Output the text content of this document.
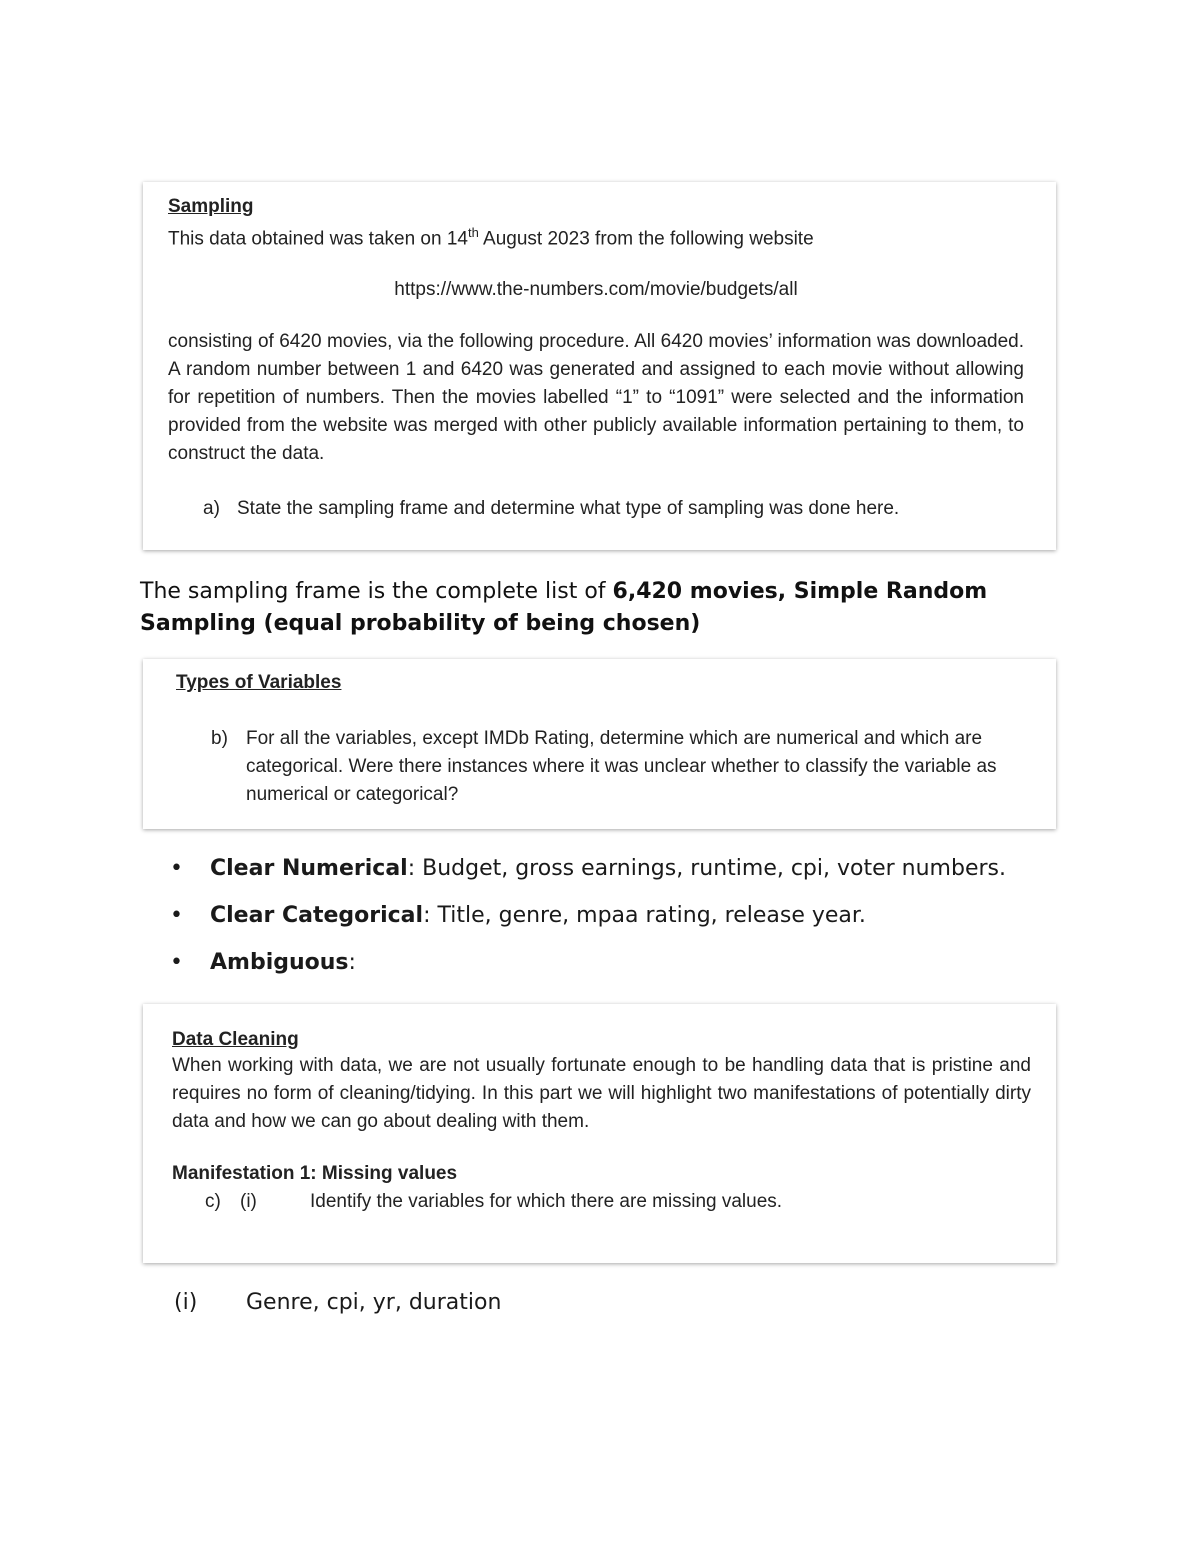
Sampling

This data obtained was taken on 14th August 2023 from the following website

https://www.the-numbers.com/movie/budgets/all

consisting of 6420 movies, via the following procedure. All 6420 movies’ information was downloaded. A random number between 1 and 6420 was generated and assigned to each movie without allowing for repetition of numbers. Then the movies labelled “1” to “1091” were selected and the information provided from the website was merged with other publicly available information pertaining to them, to construct the data.

a) State the sampling frame and determine what type of sampling was done here.
The sampling frame is the complete list of 6,420 movies, Simple Random Sampling (equal probability of being chosen)

Types of Variables

b) For all the variables, except IMDb Rating, determine which are numerical and which are categorical. Were there instances where it was unclear whether to classify the variable as numerical or categorical?
•	Clear Numerical: Budget, gross earnings, runtime, cpi, voter numbers.
•	Clear Categorical: Title, genre, mpaa rating, release year.
•	Ambiguous:

Data Cleaning

When working with data, we are not usually fortunate enough to be handling data that is pristine and requires no form of cleaning/tidying. In this part we will highlight two manifestations of potentially dirty data and how we can go about dealing with them.

Manifestation 1: Missing values

c)	(i)	Identify the variables for which there are missing values.
(i)	Genre, cpi, yr, duration
